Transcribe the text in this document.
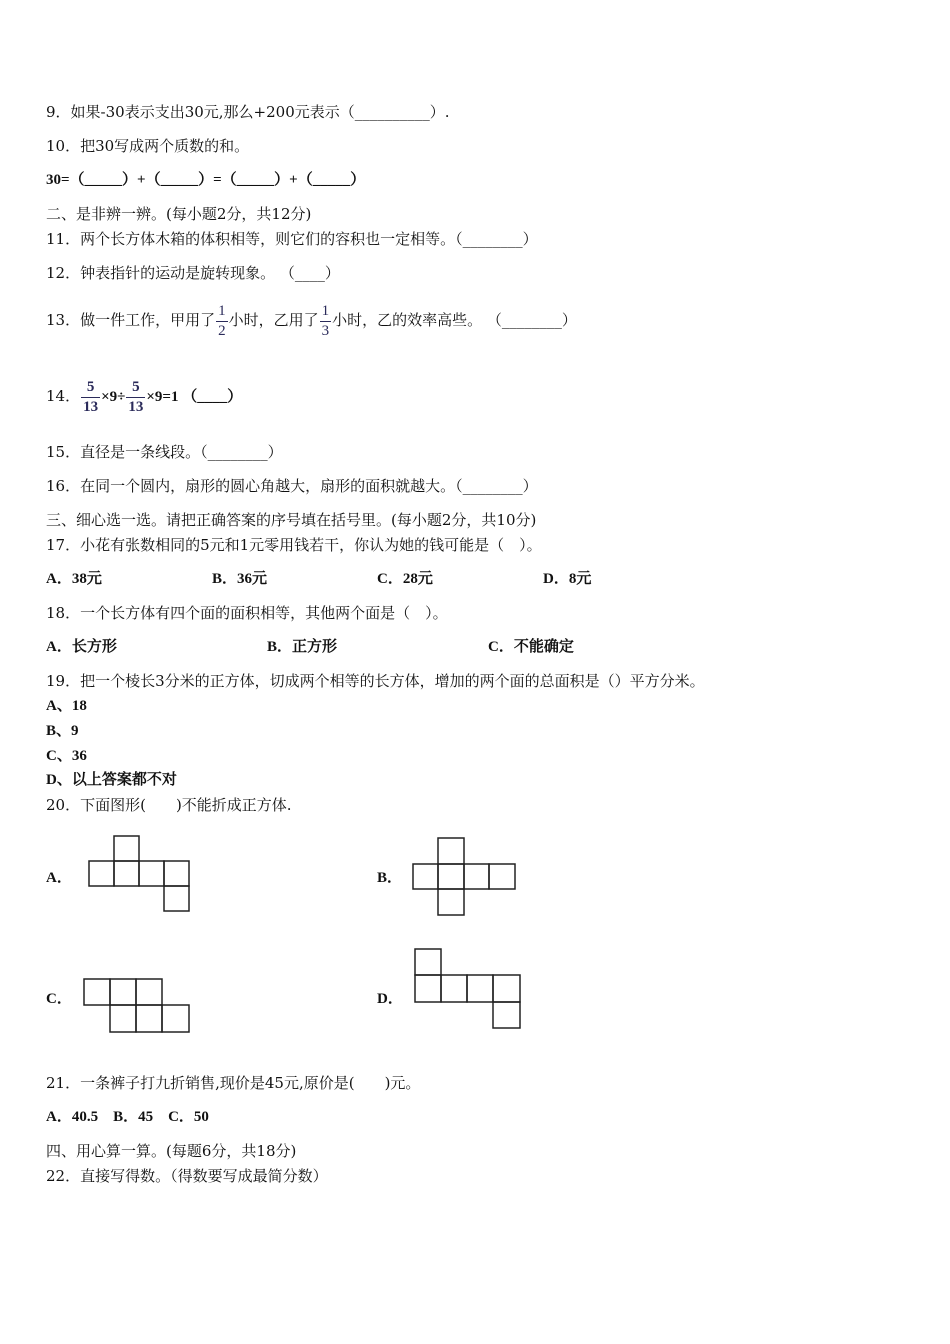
9．如果-30表示支出30元,那么+200元表示（__________）.
10．把30写成两个质数的和。
30=（_____）+（_____）=（_____）+（_____）
二、是非辨一辨。(每小题2分，共12分)
11．两个长方体木箱的体积相等，则它们的容积也一定相等。（________）
12．钟表指针的运动是旋转现象。 （____）
13．做一件工作，甲用了 $\frac{1}{2}$ 小时，乙用了 $\frac{1}{3}$ 小时，乙的效率高些。 （________）
14． $\frac{5}{13} \times 9\div \frac{5}{13} \times 9=1$ （____）
15．直径是一条线段。（________）
16．在同一个圆内，扇形的圆心角越大，扇形的面积就越大。（________）
三、细心选一选。请把正确答案的序号填在括号里。(每小题2分，共10分)
17．小花有张数相同的5元和1元零用钱若干，你认为她的钱可能是（　）。
A．38元	B．36元	C．28元	D．8元
18．一个长方体有四个面的面积相等，其他两个面是（　）。
A．长方形	B．正方形	C．不能确定
19．把一个棱长3分米的正方体，切成两个相等的长方体，增加的两个面的总面积是（）平方分米。
A、18
B、9
C、36
D、以上答案都不对
20．下面图形(　　)不能折成正方体.
A．	B．
C．	D．
21．一条裤子打九折销售,现价是45元,原价是(　　)元。
A．40.5　B．45　C．50
四、用心算一算。(每题6分，共18分)
22．直接写得数。（得数要写成最简分数）
